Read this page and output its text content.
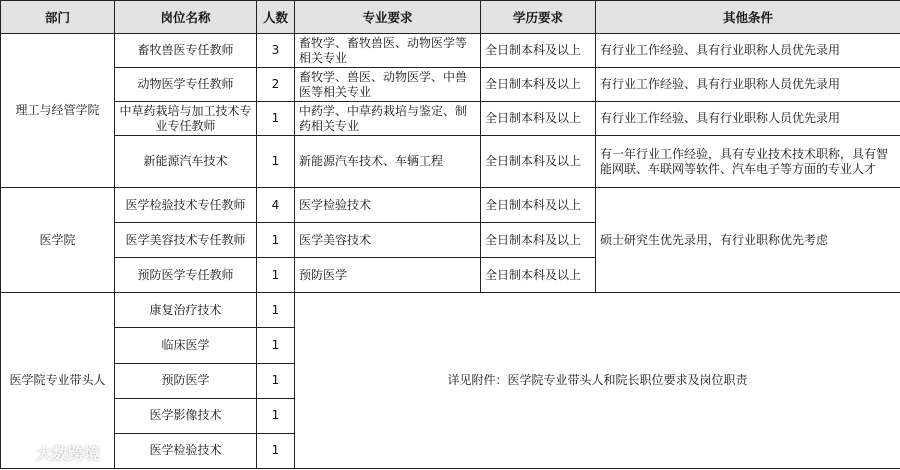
部门	岗位名称	人数	专业要求	学历要求	其他条件
理工与经管学院	畜牧兽医专任教师	3	畜牧学、畜牧兽医、动物医学等相关专业	全日制本科及以上	有行业工作经验、具有行业职称人员优先录用
	动物医学专任教师	2	畜牧学、兽医、动物医学、中兽医等相关专业	全日制本科及以上	有行业工作经验、具有行业职称人员优先录用
	中草药栽培与加工技术专业专任教师	1	中药学、中草药栽培与鉴定、制药相关专业	全日制本科及以上	有行业工作经验、具有行业职称人员优先录用
	新能源汽车技术	1	新能源汽车技术、车辆工程	全日制本科及以上	有一年行业工作经验，具有专业技术技术职称，具有智能网联、车联网等软件、汽车电子等方面的专业人才
医学院	医学检验技术专任教师	4	医学检验技术	全日制本科及以上	硕士研究生优先录用，有行业职称优先考虑
	医学美容技术专任教师	1	医学美容技术	全日制本科及以上	
	预防医学专任教师	1	预防医学	全日制本科及以上	
医学院专业带头人	康复治疗技术	1	详见附件：医学院专业带头人和院长职位要求及岗位职责		
	临床医学	1			
	预防医学	1			
	医学影像技术	1			
	医学检验技术	1			
大数跨境
